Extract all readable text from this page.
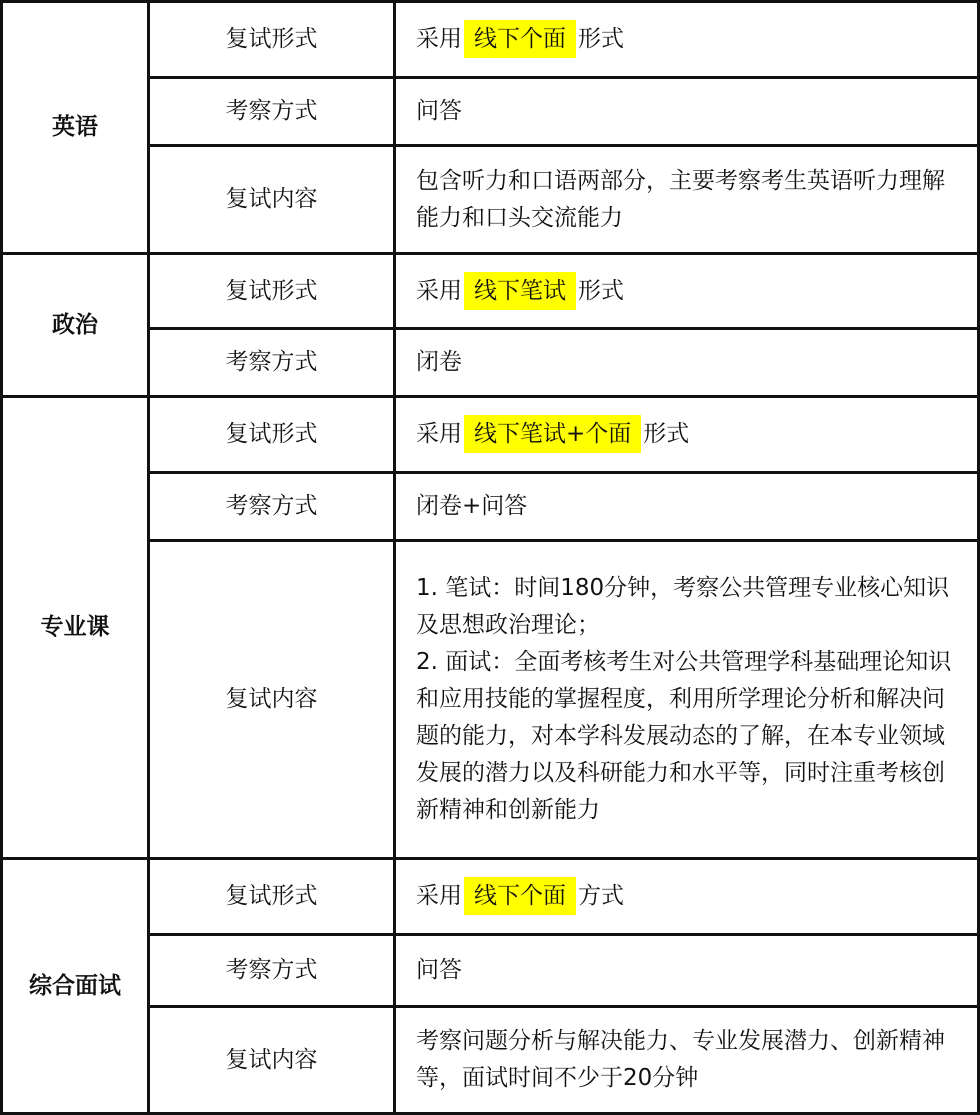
英语	复试形式	采用 线下个面 形式
	考察方式	问答
	复试内容	包含听力和口语两部分，主要考察考生英语听力理解能力和口头交流能力
政治	复试形式	采用 线下笔试 形式
	考察方式	闭卷
专业课	复试形式	采用 线下笔试+个面 形式
	考察方式	闭卷+问答
	复试内容	1. 笔试：时间180分钟，考察公共管理专业核心知识及思想政治理论；
2. 面试：全面考核考生对公共管理学科基础理论知识和应用技能的掌握程度，利用所学理论分析和解决问题的能力，对本学科发展动态的了解，在本专业领域发展的潜力以及科研能力和水平等，同时注重考核创新精神和创新能力

综合面试	复试形式	采用 线下个面 方式
	考察方式	问答
	复试内容	考察问题分析与解决能力、专业发展潜力、创新精神等，面试时间不少于20分钟
